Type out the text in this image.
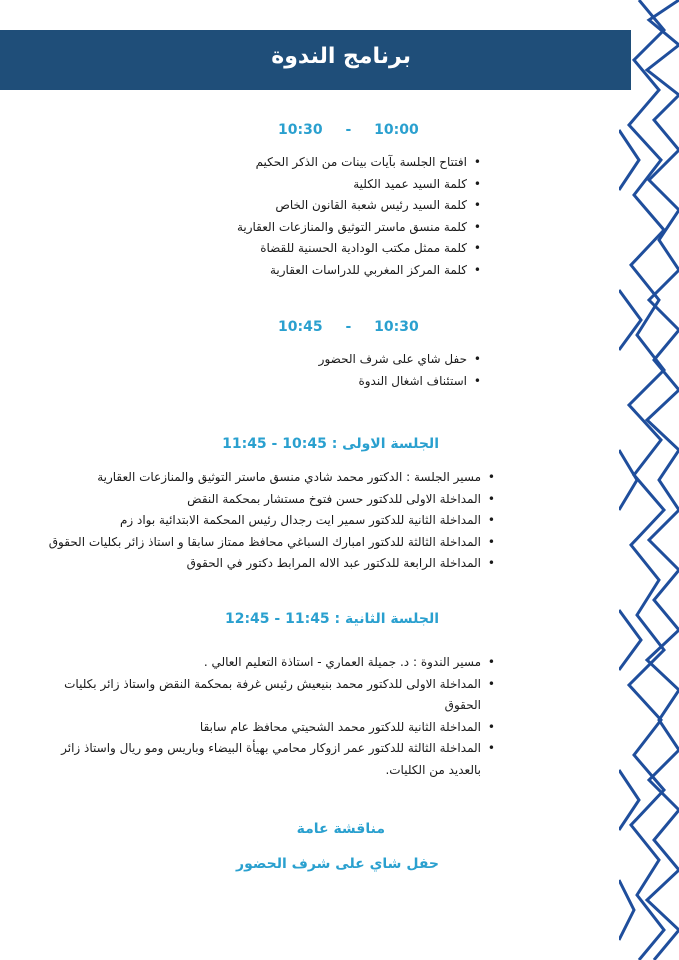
برنامج الندوة
10:30 - 10:00
• افتتاح الجلسة بآيات بينات من الذكر الحكيم
• كلمة السيد عميد الكلية
• كلمة السيد رئيس شعبة القانون الخاص
• كلمة منسق ماستر التوثيق والمنازعات العقارية
• كلمة ممثل مكتب الودادية الحسنية للقضاة
• كلمة المركز المغربي للدراسات العقارية
10:45 - 10:30
• حفل شاي على شرف الحضور
• استئناف اشغال الندوة
الجلسة الاولى : 10:45 - 11:45
• مسير الجلسة : الدكتور محمد شادي منسق ماستر التوثيق والمنازعات العقارية
• المداخلة الاولى للدكتور حسن فتوخ مستشار بمحكمة النقض
• المداخلة الثانية للدكتور سمير ايت رجدال رئيس المحكمة الابتدائية بواد زم
• المداخلة الثالثة للدكتور امبارك السباغي محافظ ممتاز سابقا و استاذ زائر بكليات الحقوق
• المداخلة الرابعة للدكتور عبد الاله المرابط دكتور في الحقوق
الجلسة الثانية : 11:45 - 12:45
• مسير الندوة : د. جميلة العماري - استاذة التعليم العالي .
• المداخلة الاولى للدكتور محمد بنيعيش رئيس غرفة بمحكمة النقض واستاذ زائر بكليات الحقوق
• المداخلة الثانية للدكتور محمد الشحيتي محافظ عام سابقا
• المداخلة الثالثة للدكتور عمر ازوكار محامي بهيأة البيضاء وباريس ومو ريال واستاذ زائر بالعديد من الكليات.
مناقشة عامة
حفل شاي على شرف الحضور
